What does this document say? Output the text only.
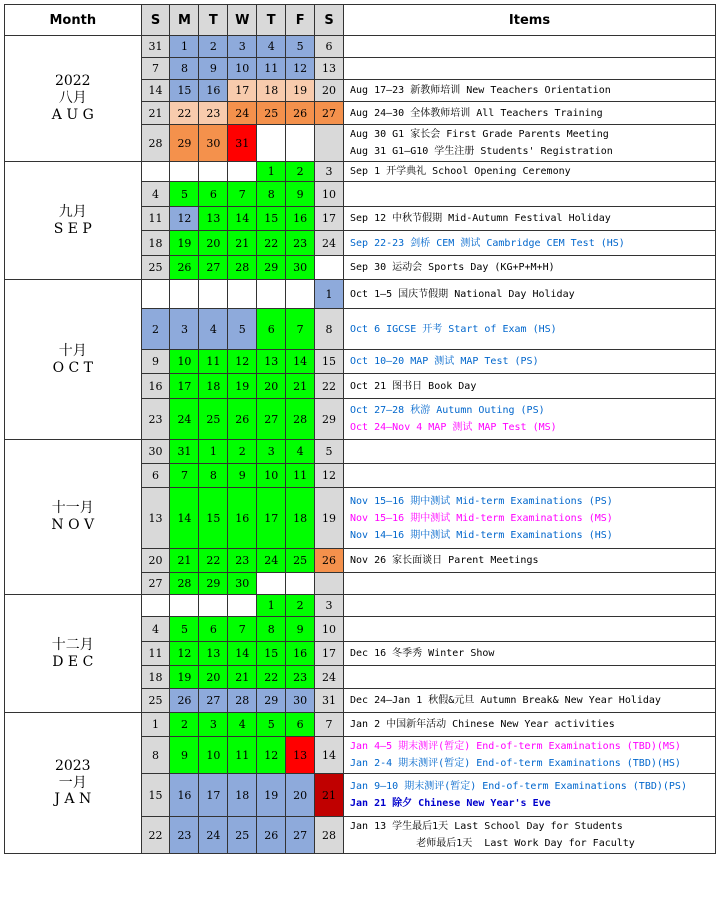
Month	S	M	T	W	T	F	S	Items
2022
八月
A U G	31	1	2	3	4	5	6	
	7	8	9	10	11	12	13	
	14	15	16	17	18	19	20	Aug 17—23 新教师培训 New Teachers Orientation

	21	22	23	24	25	26	27	Aug 24—30 全体教师培训 All Teachers Training

	28	29	30	31				Aug 30 G1 家长会 First Grade Parents Meeting
Aug 31 G1—G10 学生注册 Students' Registration

九月
S E P					1	2	3	Sep 1 开学典礼 School Opening Ceremony

	4	5	6	7	8	9	10	
	11	12	13	14	15	16	17	Sep 12 中秋节假期 Mid-Autumn Festival Holiday

	18	19	20	21	22	23	24	Sep 22-23 剑桥 CEM 测试 Cambridge CEM Test (HS)

	25	26	27	28	29	30		Sep 30 运动会 Sports Day (KG+P+M+H)

十月
O C T							1	Oct 1—5 国庆节假期 National Day Holiday

	2	3	4	5	6	7	8	Oct 6 IGCSE 开考 Start of Exam (HS)

	9	10	11	12	13	14	15	Oct 10—20 MAP 测试 MAP Test (PS)

	16	17	18	19	20	21	22	Oct 21 图书日 Book Day

	23	24	25	26	27	28	29	Oct 27—28 秋游 Autumn Outing (PS)
Oct 24—Nov 4 MAP 测试 MAP Test (MS)

十一月
N O V	30	31	1	2	3	4	5	
	6	7	8	9	10	11	12	
	13	14	15	16	17	18	19	Nov 15—16 期中测试 Mid-term Examinations (PS)
Nov 15—16 期中测试 Mid-term Examinations (MS)
Nov 14—16 期中测试 Mid-term Examinations (HS)

	20	21	22	23	24	25	26	Nov 26 家长面谈日 Parent Meetings

	27	28	29	30				
十二月
D E C					1	2	3	
	4	5	6	7	8	9	10	
	11	12	13	14	15	16	17	Dec 16 冬季秀 Winter Show

	18	19	20	21	22	23	24	
	25	26	27	28	29	30	31	Dec 24—Jan 1 秋假&元旦 Autumn Break& New Year Holiday

2023
一月
J A N	1	2	3	4	5	6	7	Jan 2 中国新年活动 Chinese New Year activities

	8	9	10	11	12	13	14	Jan 4—5 期末测评(暂定) End-of-term Examinations (TBD)(MS)
Jan 2-4 期末测评(暂定) End-of-term Examinations (TBD)(HS)

	15	16	17	18	19	20	21	Jan 9—10 期末测评(暂定) End-of-term Examinations (TBD)(PS)
Jan 21 除夕 Chinese New Year's Eve

	22	23	24	25	26	27	28	Jan 13 学生最后1天 Last School Day for Students
老师最后1天  Last Work Day for Faculty
